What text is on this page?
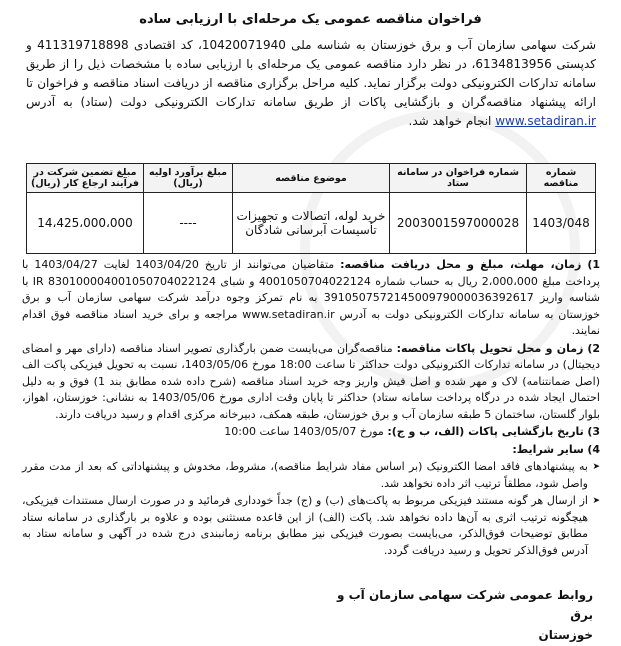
فراخوان مناقصه عمومی یک مرحله‌ای با ارزیابی ساده
شرکت سهامی سازمان آب و برق خوزستان به شناسه ملی 10420071940، کد اقتصادی 411319718898 و کدپستی 6134813956، در نظر دارد مناقصه عمومی یک مرحله‌ای با ارزیابی ساده با مشخصات ذیل را از طریق سامانه تدارکات الکترونیکی دولت برگزار نماید. کلیه مراحل برگزاری مناقصه از دریافت اسناد مناقصه و فراخوان تا ارائه پیشنهاد مناقصه‌گران و بازگشایی پاکات از طریق سامانه تدارکات الکترونیکی دولت (ستاد) به آدرس www.setadiran.ir انجام خواهد شد.
شماره مناقصه	شماره فراخوان در سامانه ستاد	موضوع مناقصه	مبلغ برآورد اولیه (ریال)	مبلغ تضمین شرکت در فرآیند ارجاع کار (ریال)
1403/048	2003001597000028	خرید لوله، اتصالات و تجهیزات تأسیسات آبرسانی شادگان	----	14،425،000،000
1) زمان، مهلت، مبلغ و محل دریافت مناقصه: متقاضیان می‌توانند از تاریخ 1403/04/20 لغایت 1403/04/27 با پرداخت مبلغ 2،000،000 ریال به حساب شماره 4001050704022124 و شبای IR 830100004001050704022124 با شناسه واریز 391050757214500979000036392617 به نام تمرکز وجوه درآمد شرکت سهامی سازمان آب و برق خوزستان به سامانه تدارکات الکترونیکی دولت به آدرس www.setadiran.ir مراجعه و برای خرید اسناد مناقصه فوق اقدام نمایند.
2) زمان و محل تحویل پاکات مناقصه: مناقصه‌گران می‌بایست ضمن بارگذاری تصویر اسناد مناقصه (دارای مهر و امضای دیجیتال) در سامانه تدارکات الکترونیکی دولت حداکثر تا ساعت 18:00 مورخ 1403/05/06، نسبت به تحویل فیزیکی پاکت الف (اصل ضمانتنامه) لاک و مهر شده و اصل فیش واریز وجه خرید اسناد مناقصه (شرح داده شده مطابق بند 1) فوق و به دلیل احتمال ایجاد شده در درگاه پرداخت سامانه ستاد) حداکثر تا پایان وقت اداری مورخ 1403/05/06 به نشانی: خوزستان، اهواز، بلوار گلستان، ساختمان 5 طبقه سازمان آب و برق خوزستان، طبقه همکف، دبیرخانه مرکزی اقدام و رسید دریافت دارند.
3) تاریخ بازگشایی پاکات (الف، ب و ج): مورخ 1403/05/07 ساعت 10:00
4) سایر شرایط:
➤ به پیشنهادهای فاقد امضا الکترونیک (بر اساس مفاد شرایط مناقصه)، مشروط، مخدوش و پیشنهاداتی که بعد از مدت مقرر واصل شود، مطلقاً ترتیب اثر داده نخواهد شد.
➤ از ارسال هر گونه مستند فیزیکی مربوط به پاکت‌های (ب) و (ج) جداً خودداری فرمائید و در صورت ارسال مستندات فیزیکی، هیچگونه ترتیب اثری به آن‌ها داده نخواهد شد. پاکت (الف) از این قاعده مستثنی بوده و علاوه بر بارگذاری در سامانه ستاد مطابق توضیحات فوق‌الذکر، می‌بایست بصورت فیزیکی نیز مطابق برنامه زمانبندی درج شده در آگهی و سامانه ستاد به آدرس فوق‌الذکر تحویل و رسید دریافت گردد.
روابط عمومی شرکت سهامی سازمان آب و برق
خوزستان
